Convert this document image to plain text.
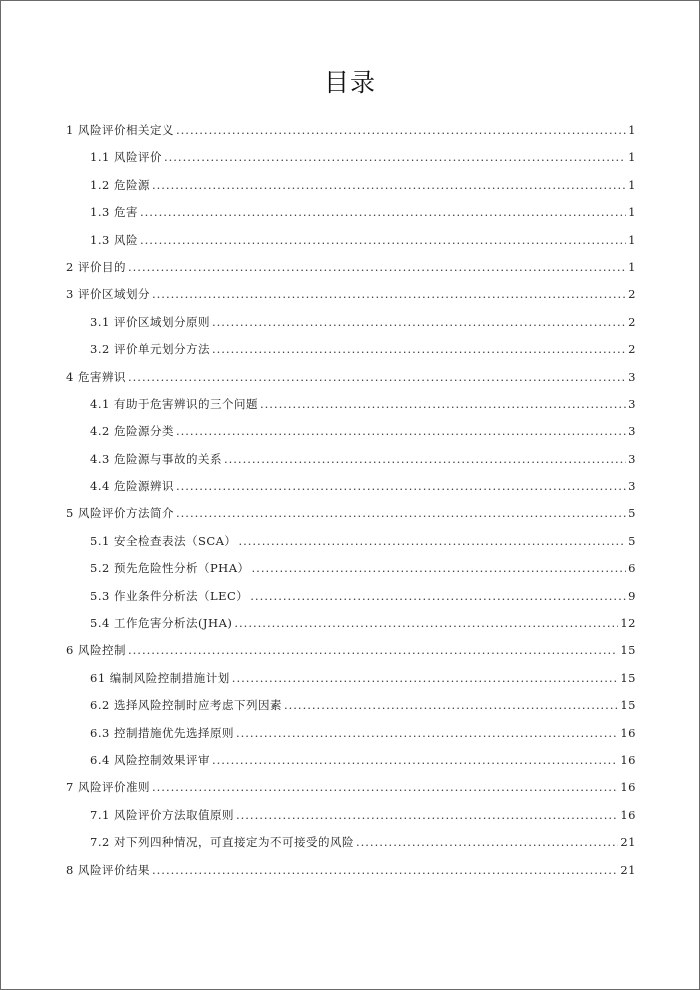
目录
1 风险评价相关定义 .....	1
1.1 风险评价 .....	1
1.2 危险源 .....	1
1.3 危害 .....	1
1.3 风险 .....	1
2 评价目的 .....	1
3 评价区域划分 .....	2
3.1 评价区域划分原则 .....	2
3.2 评价单元划分方法 .....	2
4 危害辨识 .....	3
4.1 有助于危害辨识的三个问题 .....	3
4.2 危险源分类 .....	3
4.3 危险源与事故的关系 .....	3
4.4 危险源辨识 .....	3
5 风险评价方法简介 .....	5
5.1 安全检查表法（SCA） .....	5
5.2 预先危险性分析（PHA） .....	6
5.3 作业条件分析法（LEC） .....	9
5.4 工作危害分析法(JHA) .....	12
6 风险控制 .....	15
61 编制风险控制措施计划 .....	15
6.2 选择风险控制时应考虑下列因素 .....	15
6.3 控制措施优先选择原则 .....	16
6.4 风险控制效果评审 .....	16
7 风险评价准则 .....	16
7.1 风险评价方法取值原则 .....	16
7.2 对下列四种情况，可直接定为不可接受的风险 .....	21
8 风险评价结果 .....	21
